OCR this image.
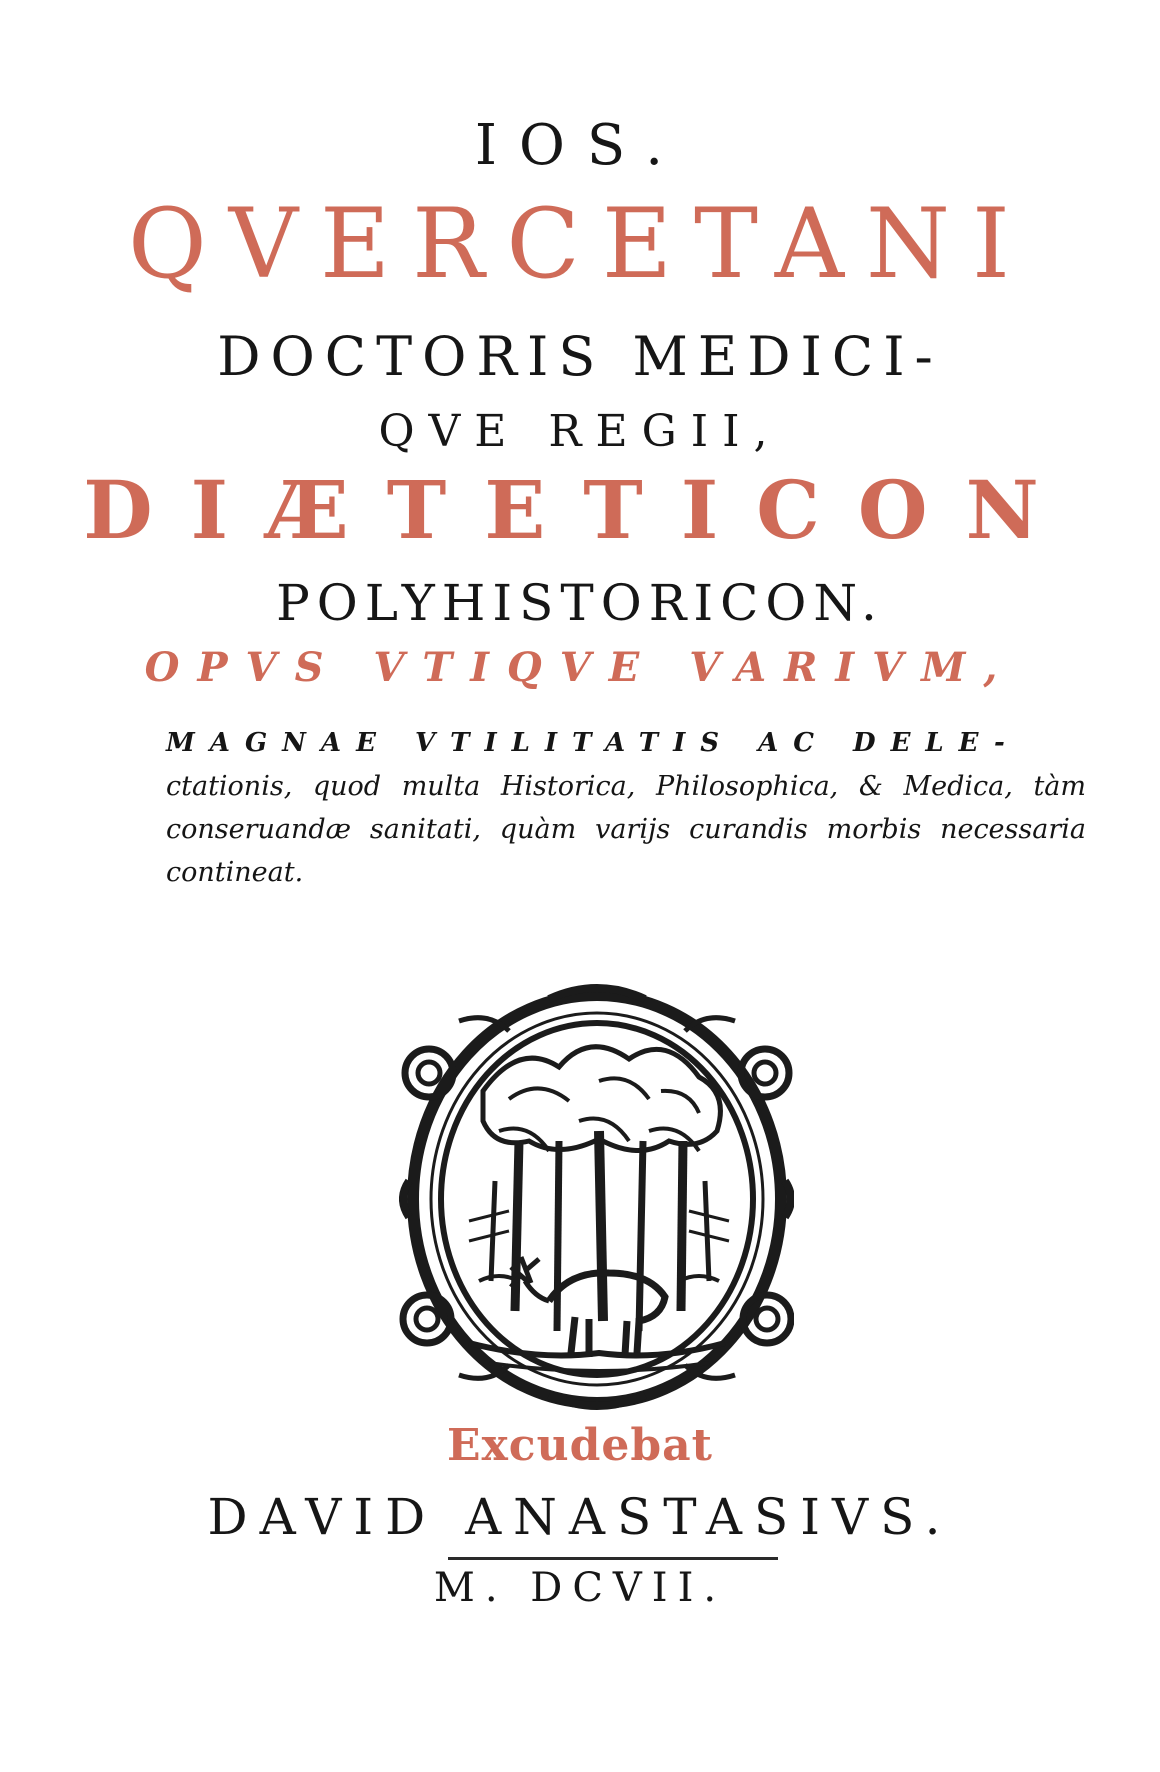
IOS.
QVERCETANI
DOCTORIS MEDICI-
QVE REGII,
DIÆTETICON
POLYHISTORICON.
OPVS VTIQVE VARIVM,
MAGNAE VTILITATIS AC DELE-
ctationis, quod multa Historica, Philosophica, & Medica, tàm conseruandæ sanitati, quàm varijs curandis morbis necessaria contineat.
Excudebat
DAVID ANASTASIVS.
M. DCVII.
